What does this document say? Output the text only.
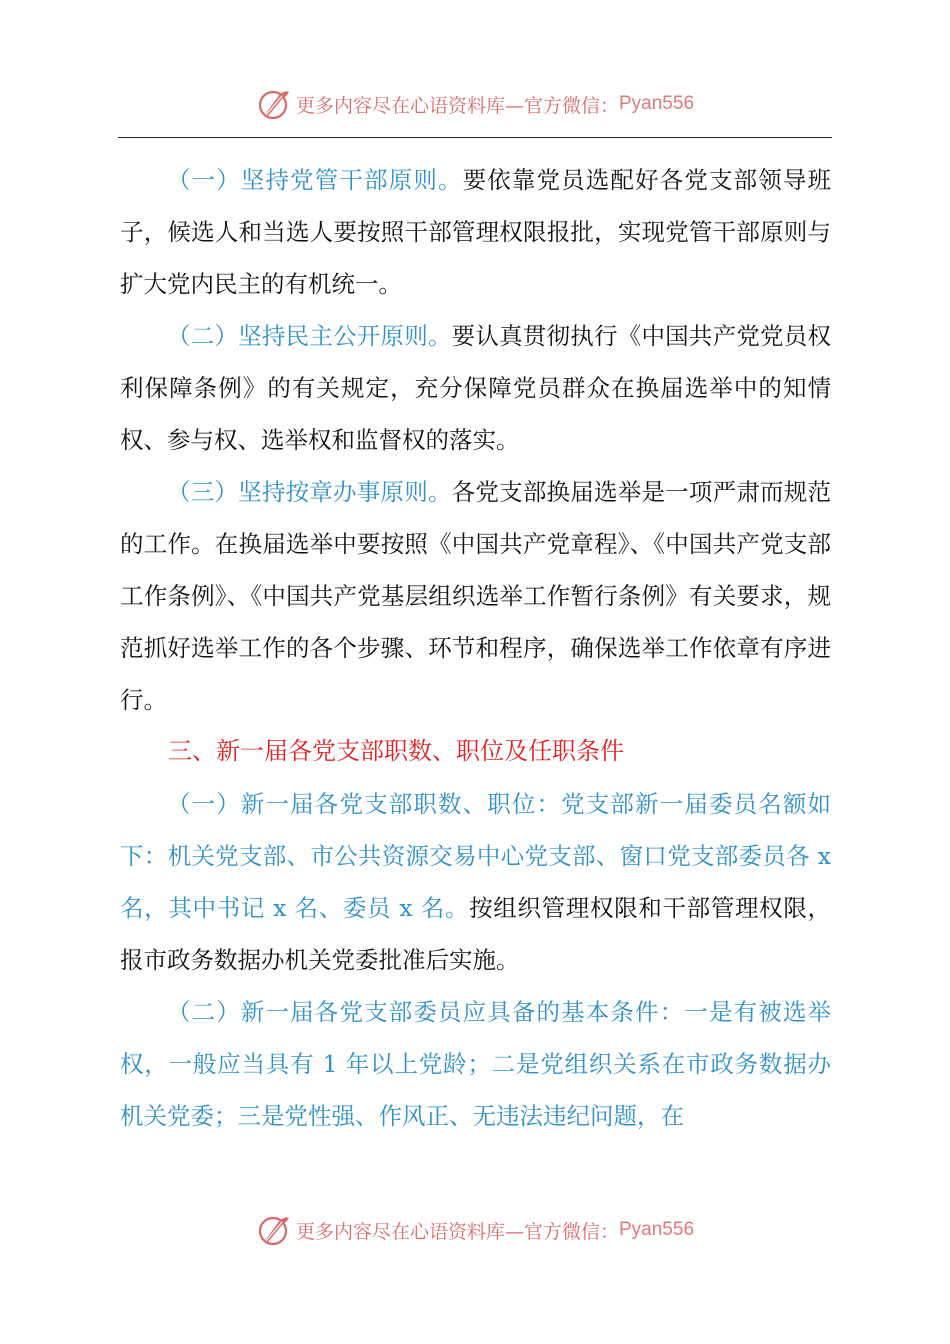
更多内容尽在心语资料库—官方微信： Pyan556

（一）坚持党管干部原则。要依靠党员选配好各党支部领导班子，候选人和当选人要按照干部管理权限报批，实现党管干部原则与扩大党内民主的有机统一。

（二）坚持民主公开原则。要认真贯彻执行《中国共产党党员权利保障条例》的有关规定，充分保障党员群众在换届选举中的知情权、参与权、选举权和监督权的落实。

（三）坚持按章办事原则。各党支部换届选举是一项严肃而规范的工作。在换届选举中要按照《中国共产党章程》、《中国共产党支部工作条例》、《中国共产党基层组织选举工作暂行条例》有关要求，规范抓好选举工作的各个步骤、环节和程序，确保选举工作依章有序进行。

三、新一届各党支部职数、职位及任职条件

（一）新一届各党支部职数、职位：党支部新一届委员名额如下：机关党支部、市公共资源交易中心党支部、窗口党支部委员各 x 名，其中书记 x 名、委员 x 名。按组织管理权限和干部管理权限，报市政务数据办机关党委批准后实施。

（二）新一届各党支部委员应具备的基本条件：一是有被选举权，一般应当具有 1 年以上党龄；二是党组织关系在市政务数据办机关党委；三是党性强、作风正、无违法违纪问题，在

更多内容尽在心语资料库—官方微信： Pyan556
